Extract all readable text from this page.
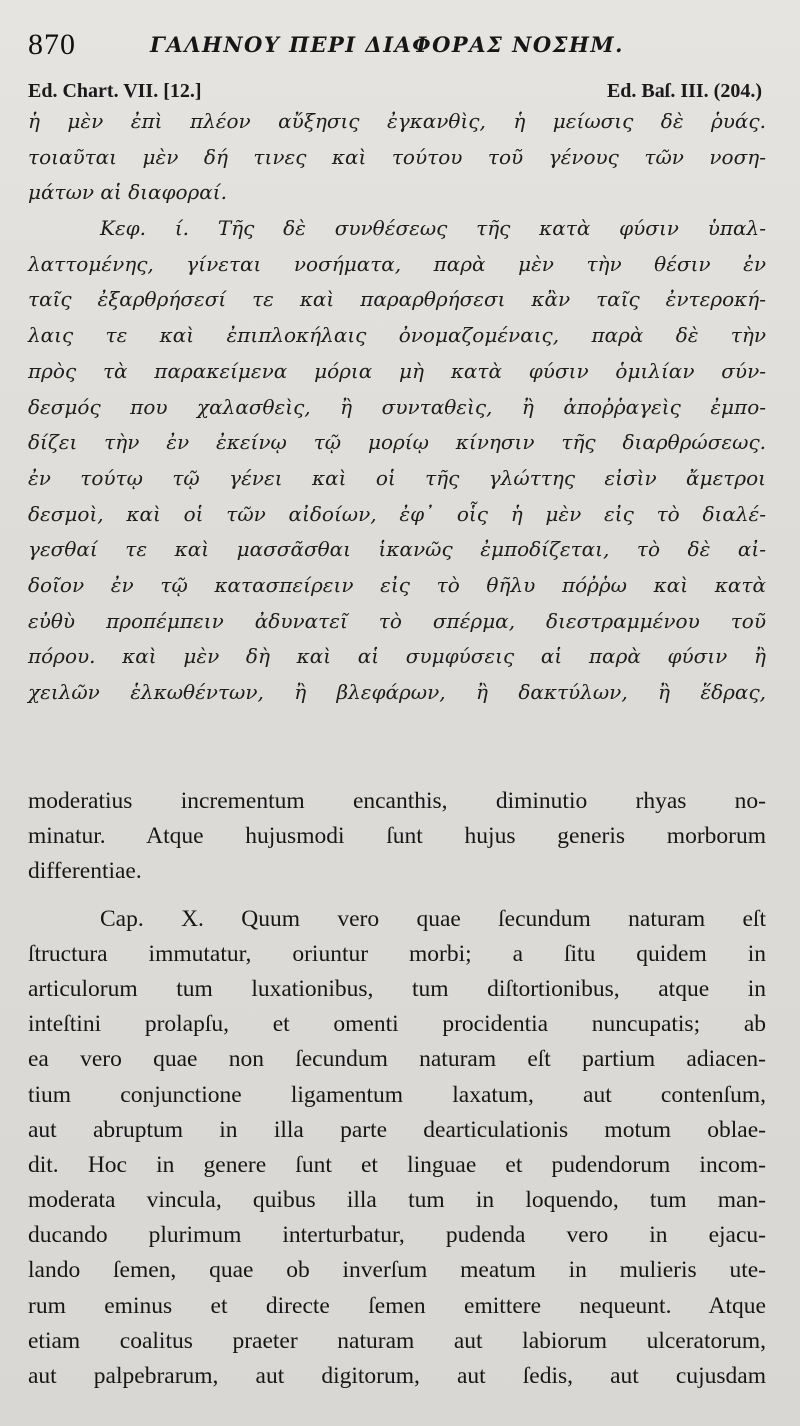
870	ΓΑΛΗΝΟΥ ΠΕΡΙ ΔΙΑΦΟΡΑΣ ΝΟΣΗΜ.
Ed. Chart. VII. [12.]	Ed. Baſ. III. (204.)
ἡ μὲν ἐπὶ πλέον αὔξησις ἐγκανθὶς, ἡ μείωσις δὲ ῥυάς.
τοιαῦται μὲν δή τινες καὶ τούτου τοῦ γένους τῶν νοση-
μάτων αἱ διαφοραί.
Κεφ. ί. Τῆς δὲ συνθέσεως τῆς κατὰ φύσιν ὑπαλ-
λαττομένης, γίνεται νοσήματα, παρὰ μὲν τὴν θέσιν ἐν
ταῖς ἐξαρθρήσεσί τε καὶ παραρθρήσεσι κἂν ταῖς ἐντεροκή-
λαις τε καὶ ἐπιπλοκήλαις ὀνομαζομέναις, παρὰ δὲ τὴν
πρὸς τὰ παρακείμενα μόρια μὴ κατὰ φύσιν ὁμιλίαν σύν-
δεσμός που χαλασθεὶς, ἢ συνταθεὶς, ἢ ἀποῤῥαγεὶς ἐμπο-
δίζει τὴν ἐν ἐκείνῳ τῷ μορίῳ κίνησιν τῆς διαρθρώσεως.
ἐν τούτῳ τῷ γένει καὶ οἱ τῆς γλώττης εἰσὶν ἄμετροι
δεσμοὶ, καὶ οἱ τῶν αἰδοίων, ἐφ᾽ οἷς ἡ μὲν εἰς τὸ διαλέ-
γεσθαί τε καὶ μασσᾶσθαι ἱκανῶς ἐμποδίζεται, τὸ δὲ αἰ-
δοῖον ἐν τῷ κατασπείρειν εἰς τὸ θῆλυ πόῤῥω καὶ κατὰ
εὐθὺ προπέμπειν ἀδυνατεῖ τὸ σπέρμα, διεστραμμένου τοῦ
πόρου. καὶ μὲν δὴ καὶ αἱ συμφύσεις αἱ παρὰ φύσιν ἢ
χειλῶν ἑλκωθέντων, ἢ βλεφάρων, ἢ δακτύλων, ἢ ἕδρας,
moderatius incrementum encanthis, diminutio rhyas no-
minatur. Atque hujusmodi ſunt hujus generis morborum
differentiae.
Cap. X. Quum vero quae ſecundum naturam eſt
ſtructura immutatur, oriuntur morbi; a ſitu quidem in
articulorum tum luxationibus, tum diſtortionibus, atque in
inteſtini prolapſu, et omenti procidentia nuncupatis; ab
ea vero quae non ſecundum naturam eſt partium adiacen-
tium conjunctione ligamentum laxatum, aut contenſum,
aut abruptum in illa parte dearticulationis motum oblae-
dit. Hoc in genere ſunt et linguae et pudendorum incom-
moderata vincula, quibus illa tum in loquendo, tum man-
ducando plurimum interturbatur, pudenda vero in ejacu-
lando ſemen, quae ob inverſum meatum in mulieris ute-
rum eminus et directe ſemen emittere nequeunt. Atque
etiam coalitus praeter naturam aut labiorum ulceratorum,
aut palpebrarum, aut digitorum, aut ſedis, aut cujusdam
